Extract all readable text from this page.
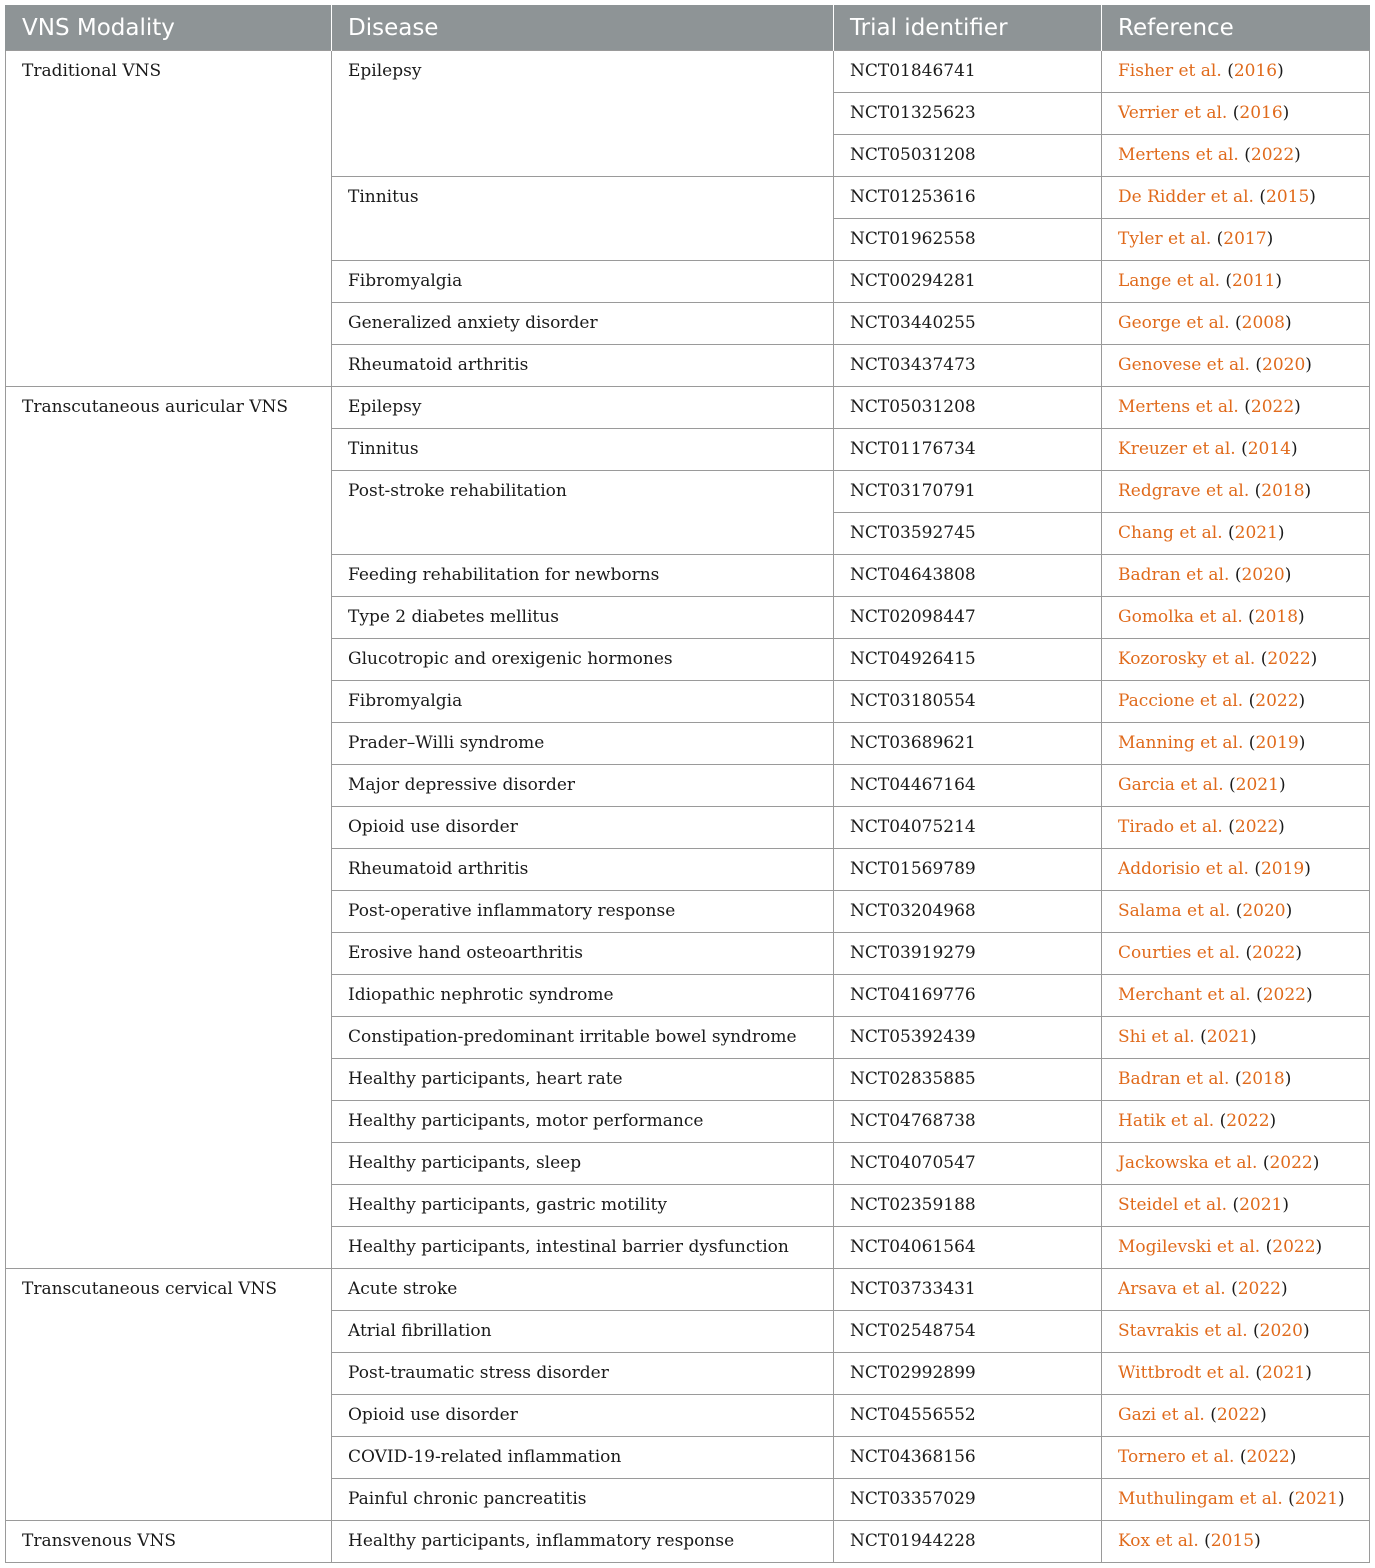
VNS Modality	Disease	Trial identifier	Reference
Traditional VNS	Epilepsy	NCT01846741	Fisher et al. (2016)
		NCT01325623	Verrier et al. (2016)
		NCT05031208	Mertens et al. (2022)
	Tinnitus	NCT01253616	De Ridder et al. (2015)
		NCT01962558	Tyler et al. (2017)
	Fibromyalgia	NCT00294281	Lange et al. (2011)
	Generalized anxiety disorder	NCT03440255	George et al. (2008)
	Rheumatoid arthritis	NCT03437473	Genovese et al. (2020)
Transcutaneous auricular VNS	Epilepsy	NCT05031208	Mertens et al. (2022)
	Tinnitus	NCT01176734	Kreuzer et al. (2014)
	Post-stroke rehabilitation	NCT03170791	Redgrave et al. (2018)
		NCT03592745	Chang et al. (2021)
	Feeding rehabilitation for newborns	NCT04643808	Badran et al. (2020)
	Type 2 diabetes mellitus	NCT02098447	Gomolka et al. (2018)
	Glucotropic and orexigenic hormones	NCT04926415	Kozorosky et al. (2022)
	Fibromyalgia	NCT03180554	Paccione et al. (2022)
	Prader–Willi syndrome	NCT03689621	Manning et al. (2019)
	Major depressive disorder	NCT04467164	Garcia et al. (2021)
	Opioid use disorder	NCT04075214	Tirado et al. (2022)
	Rheumatoid arthritis	NCT01569789	Addorisio et al. (2019)
	Post-operative inflammatory response	NCT03204968	Salama et al. (2020)
	Erosive hand osteoarthritis	NCT03919279	Courties et al. (2022)
	Idiopathic nephrotic syndrome	NCT04169776	Merchant et al. (2022)
	Constipation-predominant irritable bowel syndrome	NCT05392439	Shi et al. (2021)
	Healthy participants, heart rate	NCT02835885	Badran et al. (2018)
	Healthy participants, motor performance	NCT04768738	Hatik et al. (2022)
	Healthy participants, sleep	NCT04070547	Jackowska et al. (2022)
	Healthy participants, gastric motility	NCT02359188	Steidel et al. (2021)
	Healthy participants, intestinal barrier dysfunction	NCT04061564	Mogilevski et al. (2022)
Transcutaneous cervical VNS	Acute stroke	NCT03733431	Arsava et al. (2022)
	Atrial fibrillation	NCT02548754	Stavrakis et al. (2020)
	Post-traumatic stress disorder	NCT02992899	Wittbrodt et al. (2021)
	Opioid use disorder	NCT04556552	Gazi et al. (2022)
	COVID-19-related inflammation	NCT04368156	Tornero et al. (2022)
	Painful chronic pancreatitis	NCT03357029	Muthulingam et al. (2021)
Transvenous VNS	Healthy participants, inflammatory response	NCT01944228	Kox et al. (2015)
